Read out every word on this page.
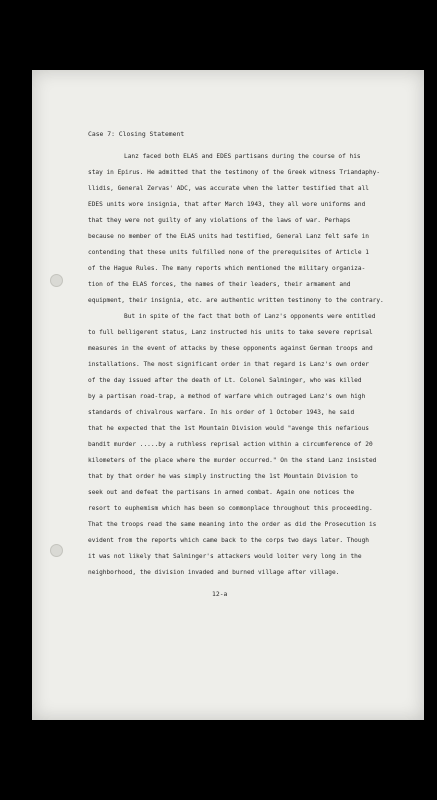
Case 7: Closing Statement
Lanz faced both ELAS and EDES partisans during the course of his
stay in Epirus. He admitted that the testimony of the Greek witness Triandaphy-
llidis, General Zervas' ADC, was accurate when the latter testified that all
EDES units wore insignia, that after March 1943, they all wore uniforms and
that they were not guilty of any violations of the laws of war. Perhaps
because no member of the ELAS units had testified, General Lanz felt safe in
contending that these units fulfilled none of the prerequisites of Article 1
of the Hague Rules. The many reports which mentioned the military organiza-
tion of the ELAS forces, the names of their leaders, their armament and
equipment, their insignia, etc. are authentic written testimony to the contrary.
But in spite of the fact that both of Lanz's opponents were entitled
to full belligerent status, Lanz instructed his units to take severe reprisal
measures in the event of attacks by these opponents against German troops and
installations. The most significant order in that regard is Lanz's own order
of the day issued after the death of Lt. Colonel Salminger, who was killed
by a partisan road-trap, a method of warfare which outraged Lanz's own high
standards of chivalrous warfare. In his order of 1 October 1943, he said
that he expected that the 1st Mountain Division would "avenge this nefarious
bandit murder .....by a ruthless reprisal action within a circumference of 20
kilometers of the place where the murder occurred." On the stand Lanz insisted
that by that order he was simply instructing the 1st Mountain Division to
seek out and defeat the partisans in armed combat. Again one notices the
resort to euphemism which has been so commonplace throughout this proceeding.
That the troops read the same meaning into the order as did the Prosecution is
evident from the reports which came back to the corps two days later. Though
it was not likely that Salminger's attackers would loiter very long in the
neighborhood, the division invaded and burned village after village.
12-a
